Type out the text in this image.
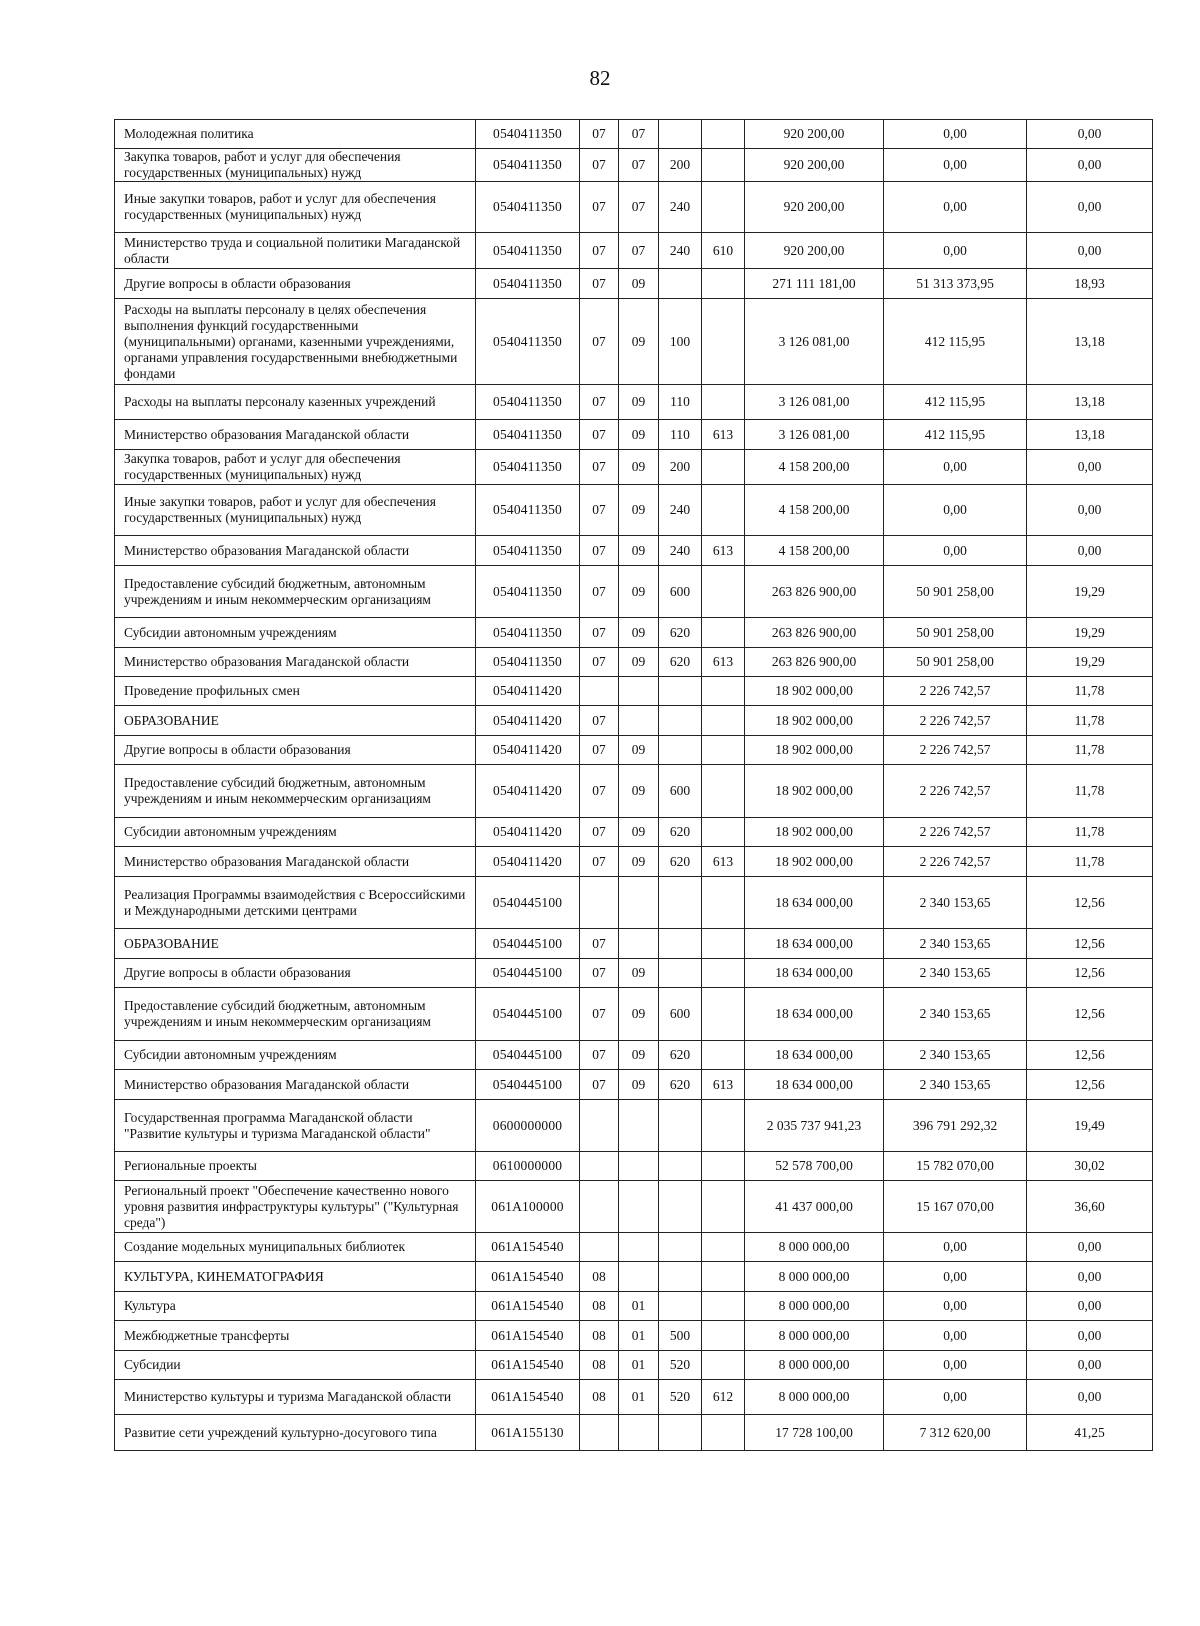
82
Молодежная политика	0540411350	07	07			920 200,00	0,00	0,00
Закупка товаров, работ и услуг для обеспечения государственных (муниципальных) нужд	0540411350	07	07	200		920 200,00	0,00	0,00
Иные закупки товаров, работ и услуг для обеспечения государственных (муниципальных) нужд	0540411350	07	07	240		920 200,00	0,00	0,00
Министерство труда и социальной политики Магаданской области	0540411350	07	07	240	610	920 200,00	0,00	0,00
Другие вопросы в области образования	0540411350	07	09			271 111 181,00	51 313 373,95	18,93
Расходы на выплаты персоналу в целях обеспечения выполнения функций государственными (муниципальными) органами, казенными учреждениями, органами управления государственными внебюджетными фондами	0540411350	07	09	100		3 126 081,00	412 115,95	13,18
Расходы на выплаты персоналу казенных учреждений	0540411350	07	09	110		3 126 081,00	412 115,95	13,18
Министерство образования Магаданской области	0540411350	07	09	110	613	3 126 081,00	412 115,95	13,18
Закупка товаров, работ и услуг для обеспечения государственных (муниципальных) нужд	0540411350	07	09	200		4 158 200,00	0,00	0,00
Иные закупки товаров, работ и услуг для обеспечения государственных (муниципальных) нужд	0540411350	07	09	240		4 158 200,00	0,00	0,00
Министерство образования Магаданской области	0540411350	07	09	240	613	4 158 200,00	0,00	0,00
Предоставление субсидий бюджетным, автономным учреждениям и иным некоммерческим организациям	0540411350	07	09	600		263 826 900,00	50 901 258,00	19,29
Субсидии автономным учреждениям	0540411350	07	09	620		263 826 900,00	50 901 258,00	19,29
Министерство образования Магаданской области	0540411350	07	09	620	613	263 826 900,00	50 901 258,00	19,29
Проведение профильных смен	0540411420					18 902 000,00	2 226 742,57	11,78
ОБРАЗОВАНИЕ	0540411420	07				18 902 000,00	2 226 742,57	11,78
Другие вопросы в области образования	0540411420	07	09			18 902 000,00	2 226 742,57	11,78
Предоставление субсидий бюджетным, автономным учреждениям и иным некоммерческим организациям	0540411420	07	09	600		18 902 000,00	2 226 742,57	11,78
Субсидии автономным учреждениям	0540411420	07	09	620		18 902 000,00	2 226 742,57	11,78
Министерство образования Магаданской области	0540411420	07	09	620	613	18 902 000,00	2 226 742,57	11,78
Реализация Программы взаимодействия с Всероссийскими и Международными детскими центрами	0540445100					18 634 000,00	2 340 153,65	12,56
ОБРАЗОВАНИЕ	0540445100	07				18 634 000,00	2 340 153,65	12,56
Другие вопросы в области образования	0540445100	07	09			18 634 000,00	2 340 153,65	12,56
Предоставление субсидий бюджетным, автономным учреждениям и иным некоммерческим организациям	0540445100	07	09	600		18 634 000,00	2 340 153,65	12,56
Субсидии автономным учреждениям	0540445100	07	09	620		18 634 000,00	2 340 153,65	12,56
Министерство образования Магаданской области	0540445100	07	09	620	613	18 634 000,00	2 340 153,65	12,56
Государственная программа Магаданской области "Развитие культуры и туризма Магаданской области"	0600000000					2 035 737 941,23	396 791 292,32	19,49
Региональные проекты	0610000000					52 578 700,00	15 782 070,00	30,02
Региональный проект "Обеспечение качественно нового уровня развития инфраструктуры культуры" ("Культурная среда")	061А100000					41 437 000,00	15 167 070,00	36,60
Создание модельных муниципальных библиотек	061А154540					8 000 000,00	0,00	0,00
КУЛЬТУРА, КИНЕМАТОГРАФИЯ	061А154540	08				8 000 000,00	0,00	0,00
Культура	061А154540	08	01			8 000 000,00	0,00	0,00
Межбюджетные трансферты	061А154540	08	01	500		8 000 000,00	0,00	0,00
Субсидии	061А154540	08	01	520		8 000 000,00	0,00	0,00
Министерство культуры и туризма Магаданской области	061А154540	08	01	520	612	8 000 000,00	0,00	0,00
Развитие сети учреждений культурно-досугового типа	061А155130					17 728 100,00	7 312 620,00	41,25
